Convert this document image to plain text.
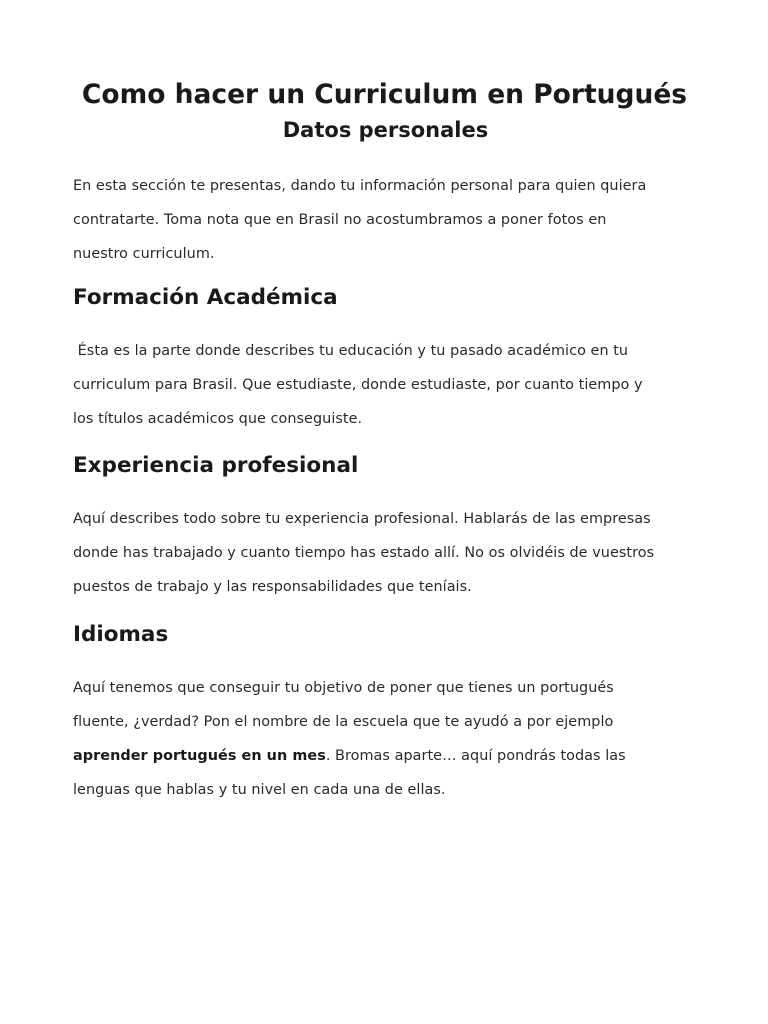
Como hacer un Curriculum en Portugués
Datos personales

En esta sección te presentas, dando tu información personal para quien quiera
contratarte. Toma nota que en Brasil no acostumbramos a poner fotos en
nuestro curriculum.

Formación Académica

Ésta es la parte donde describes tu educación y tu pasado académico en tu
curriculum para Brasil. Que estudiaste, donde estudiaste, por cuanto tiempo y
los títulos académicos que conseguiste.

Experiencia profesional

Aquí describes todo sobre tu experiencia profesional. Hablarás de las empresas
donde has trabajado y cuanto tiempo has estado allí. No os olvidéis de vuestros
puestos de trabajo y las responsabilidades que teníais.

Idiomas

Aquí tenemos que conseguir tu objetivo de poner que tienes un portugués
fluente, ¿verdad? Pon el nombre de la escuela que te ayudó a por ejemplo
aprender portugués en un mes. Bromas aparte… aquí pondrás todas las
lenguas que hablas y tu nivel en cada una de ellas.
